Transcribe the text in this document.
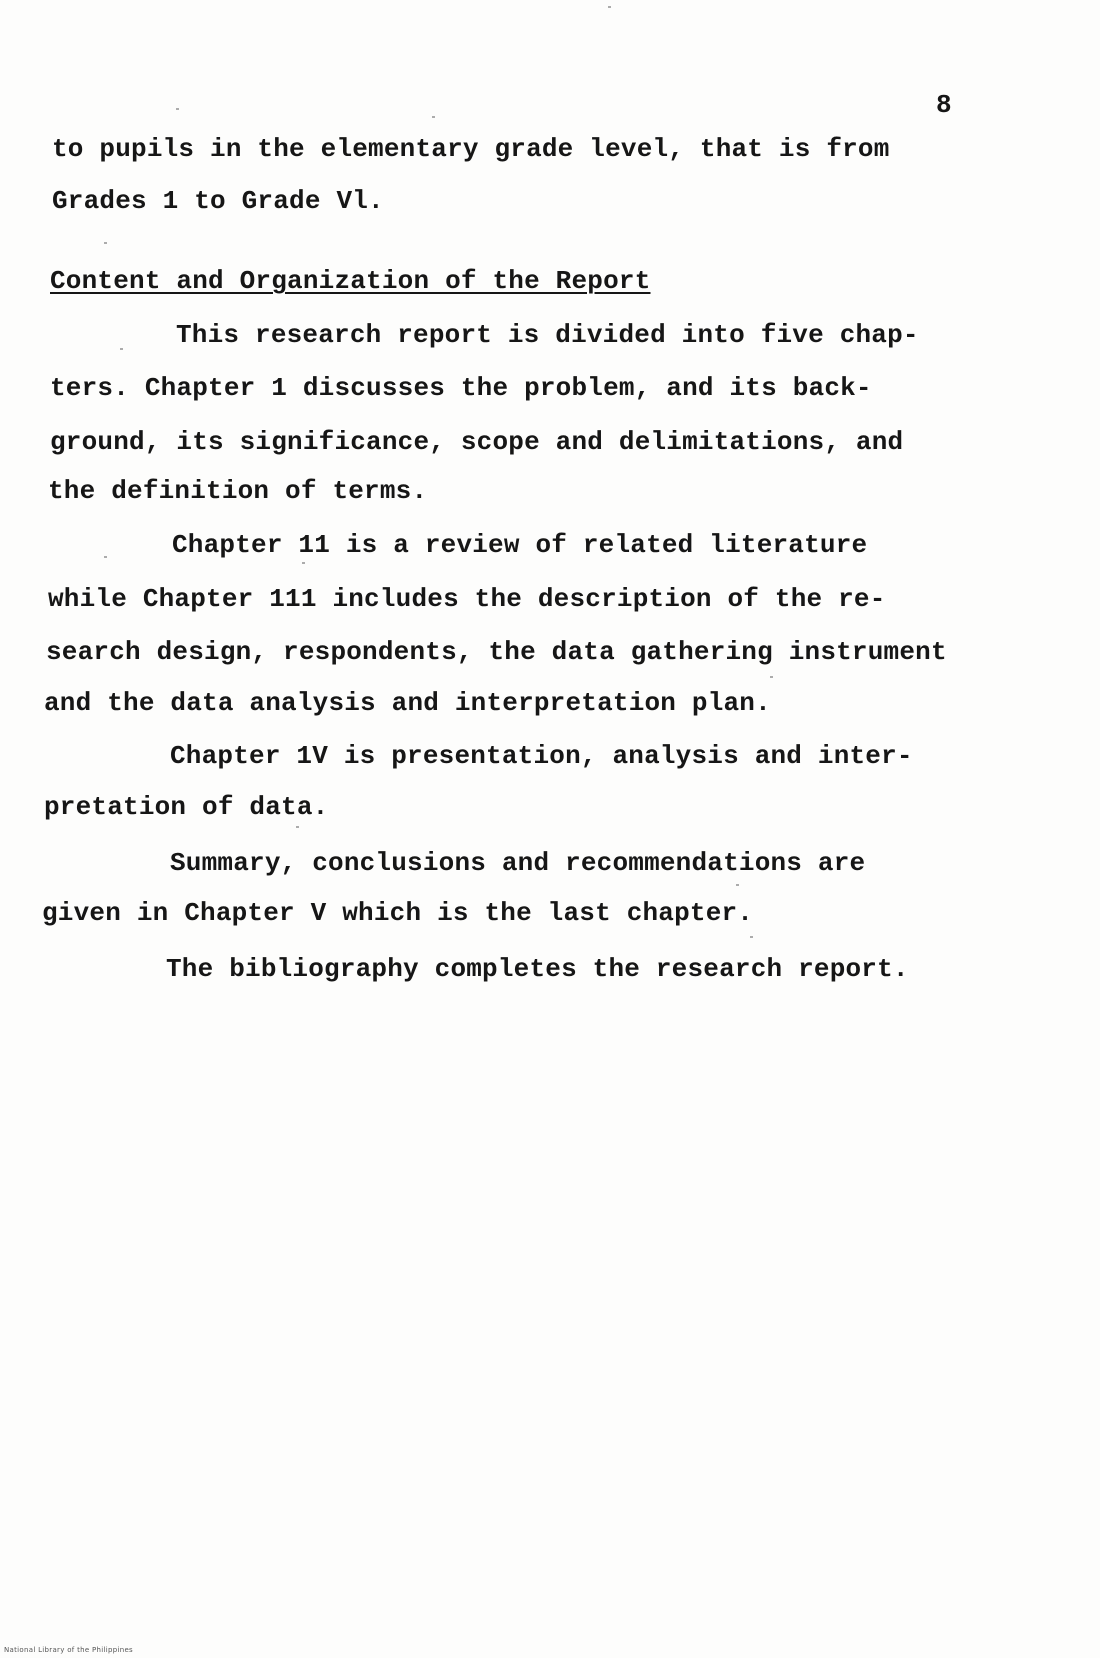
8
to pupils in the elementary grade level, that is from
Grades 1 to Grade Vl.
Content and Organization of the Report
This research report is divided into five chap-
ters. Chapter 1 discusses the problem, and its back-
ground, its significance, scope and delimitations, and
the definition of terms.
Chapter 11 is a review of related literature
while Chapter 111 includes the description of the re-
search design, respondents, the data gathering instrument
and the data analysis and interpretation plan.
Chapter 1V is presentation, analysis and inter-
pretation of data.
Summary, conclusions and recommendations are
given in Chapter V which is the last chapter.
The bibliography completes the research report.
National Library of the Philippines
